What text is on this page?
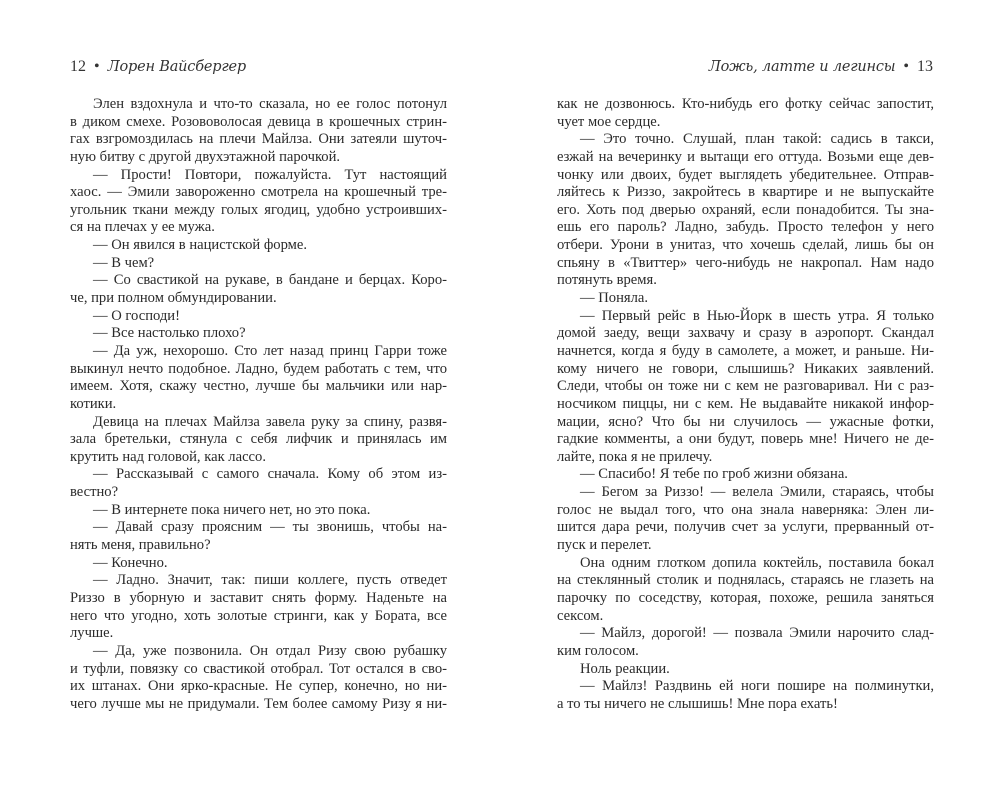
12 • Лорен Вайсбергер
Элен вздохнула и что-то сказала, но ее голос потонул
в диком смехе. Розововолосая девица в крошечных стрин-
гах взгромоздилась на плечи Майлза. Они затеяли шуточ-
ную битву с другой двухэтажной парочкой.
— Прости! Повтори, пожалуйста. Тут настоящий
хаос. — Эмили завороженно смотрела на крошечный тре-
угольник ткани между голых ягодиц, удобно устроивших-
ся на плечах у ее мужа.
— Он явился в нацистской форме.
— В чем?
— Со свастикой на рукаве, в бандане и берцах. Коро-
че, при полном обмундировании.
— О господи!
— Все настолько плохо?
— Да уж, нехорошо. Сто лет назад принц Гарри тоже
выкинул нечто подобное. Ладно, будем работать с тем, что
имеем. Хотя, скажу честно, лучше бы мальчики или нар-
котики.
Девица на плечах Майлза завела руку за спину, развя-
зала бретельки, стянула с себя лифчик и принялась им
крутить над головой, как лассо.
— Рассказывай с самого сначала. Кому об этом из-
вестно?
— В интернете пока ничего нет, но это пока.
— Давай сразу проясним — ты звонишь, чтобы на-
нять меня, правильно?
— Конечно.
— Ладно. Значит, так: пиши коллеге, пусть отведет
Риззо в уборную и заставит снять форму. Наденьте на
него что угодно, хоть золотые стринги, как у Бората, все
лучше.
— Да, уже позвонила. Он отдал Ризу свою рубашку
и туфли, повязку со свастикой отобрал. Тот остался в сво-
их штанах. Они ярко-красные. Не супер, конечно, но ни-
чего лучше мы не придумали. Тем более самому Ризу я ни-
Ложь, латте и легинсы • 13
как не дозвонюсь. Кто-нибудь его фотку сейчас запостит,
чует мое сердце.
— Это точно. Слушай, план такой: садись в такси,
езжай на вечеринку и вытащи его оттуда. Возьми еще дев-
чонку или двоих, будет выглядеть убедительнее. Отправ-
ляйтесь к Риззо, закройтесь в квартире и не выпускайте
его. Хоть под дверью охраняй, если понадобится. Ты зна-
ешь его пароль? Ладно, забудь. Просто телефон у него
отбери. Урони в унитаз, что хочешь сделай, лишь бы он
спьяну в «Твиттер» чего-нибудь не накропал. Нам надо
потянуть время.
— Поняла.
— Первый рейс в Нью-Йорк в шесть утра. Я только
домой заеду, вещи захвачу и сразу в аэропорт. Скандал
начнется, когда я буду в самолете, а может, и раньше. Ни-
кому ничего не говори, слышишь? Никаких заявлений.
Следи, чтобы он тоже ни с кем не разговаривал. Ни с раз-
носчиком пиццы, ни с кем. Не выдавайте никакой инфор-
мации, ясно? Что бы ни случилось — ужасные фотки,
гадкие комменты, а они будут, поверь мне! Ничего не де-
лайте, пока я не прилечу.
— Спасибо! Я тебе по гроб жизни обязана.
— Бегом за Риззо! — велела Эмили, стараясь, чтобы
голос не выдал того, что она знала наверняка: Элен ли-
шится дара речи, получив счет за услуги, прерванный от-
пуск и перелет.
Она одним глотком допила коктейль, поставила бокал
на стеклянный столик и поднялась, стараясь не глазеть на
парочку по соседству, которая, похоже, решила заняться
сексом.
— Майлз, дорогой! — позвала Эмили нарочито слад-
ким голосом.
Ноль реакции.
— Майлз! Раздвинь ей ноги пошире на полминутки,
а то ты ничего не слышишь! Мне пора ехать!
